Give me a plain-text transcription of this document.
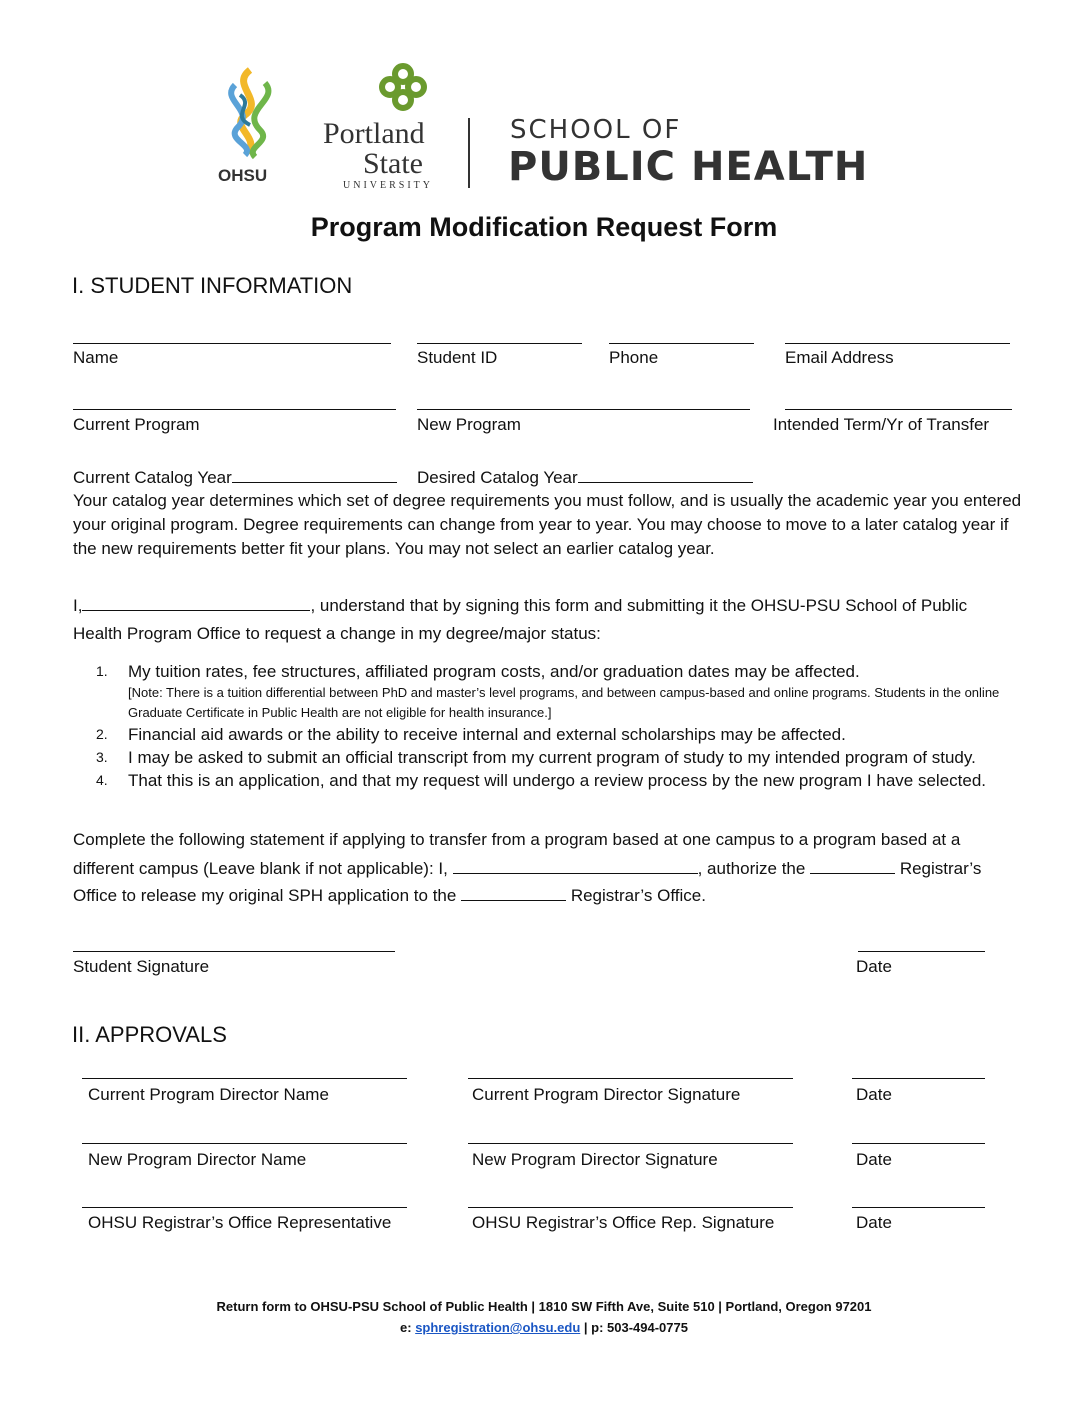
OHSU
Portland
State
UNIVERSITY
SCHOOL OF
PUBLIC HEALTH
Program Modification Request Form
I. STUDENT INFORMATION
Name	Student ID	Phone	Email Address
Current Program	New Program	Intended Term/Yr of Transfer
Current Catalog Year	Desired Catalog Year
Your catalog year determines which set of degree requirements you must follow, and is usually the academic year you entered your original program. Degree requirements can change from year to year. You may choose to move to a later catalog year if the new requirements better fit your plans. You may not select an earlier catalog year.
I,	, understand that by signing this form and submitting it the OHSU-PSU School of Public
Health Program Office to request a change in my degree/major status:
1. My tuition rates, fee structures, affiliated program costs, and/or graduation dates may be affected.
[Note: There is a tuition differential between PhD and master’s level programs, and between campus-based and online programs. Students in the online Graduate Certificate in Public Health are not eligible for health insurance.]
2. Financial aid awards or the ability to receive internal and external scholarships may be affected.
3. I may be asked to submit an official transcript from my current program of study to my intended program of study.
4. That this is an application, and that my request will undergo a review process by the new program I have selected.
Complete the following statement if applying to transfer from a program based at one campus to a program based at a
different campus (Leave blank if not applicable): I,	, authorize the	Registrar’s
Office to release my original SPH application to the	Registrar’s Office.
Student Signature	Date
II. APPROVALS
Current Program Director Name	Current Program Director Signature	Date
New Program Director Name	New Program Director Signature	Date
OHSU Registrar’s Office Representative	OHSU Registrar’s Office Rep. Signature	Date
Return form to OHSU-PSU School of Public Health | 1810 SW Fifth Ave, Suite 510 | Portland, Oregon 97201
e: sphregistration@ohsu.edu | p: 503-494-0775
